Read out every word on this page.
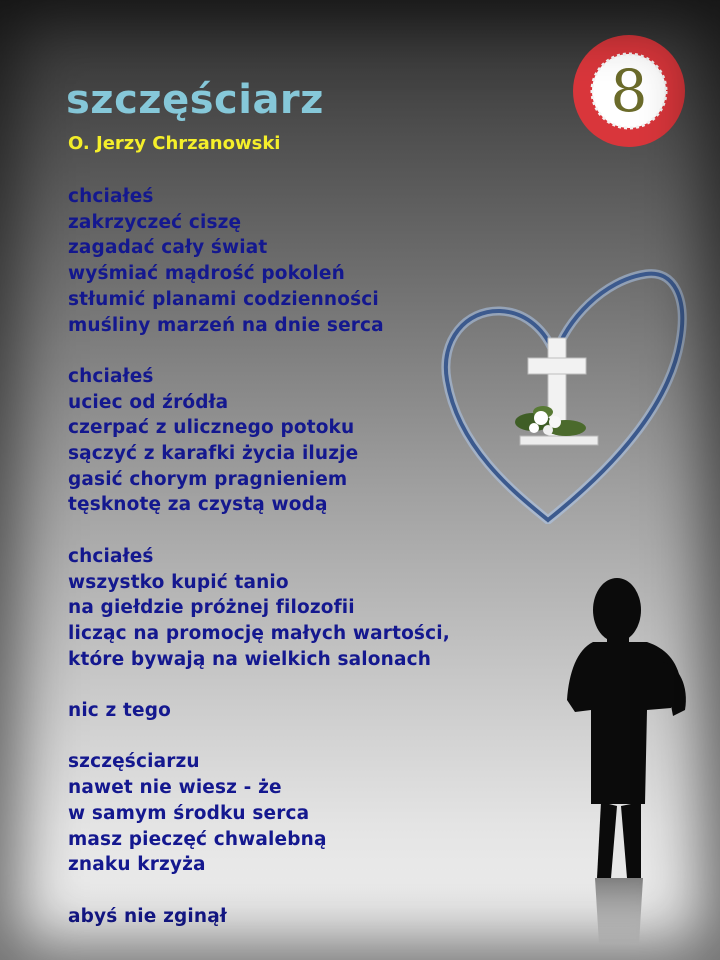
szczęściarz
O. Jerzy Chrzanowski
8
chciałeś
zakrzyczeć ciszę
zagadać cały świat
wyśmiać mądrość pokoleń
stłumić planami codzienności
muśliny marzeń na dnie serca
chciałeś
uciec od źródła
czerpać z ulicznego potoku
sączyć z karafki życia iluzje
gasić chorym pragnieniem
tęsknotę za czystą wodą
chciałeś
wszystko kupić tanio
na giełdzie próżnej filozofii
licząc na promocję małych wartości,
które bywają na wielkich salonach
nic z tego
szczęściarzu
nawet nie wiesz - że
w samym środku serca
masz pieczęć chwalebną
znaku krzyża
abyś nie zginął
